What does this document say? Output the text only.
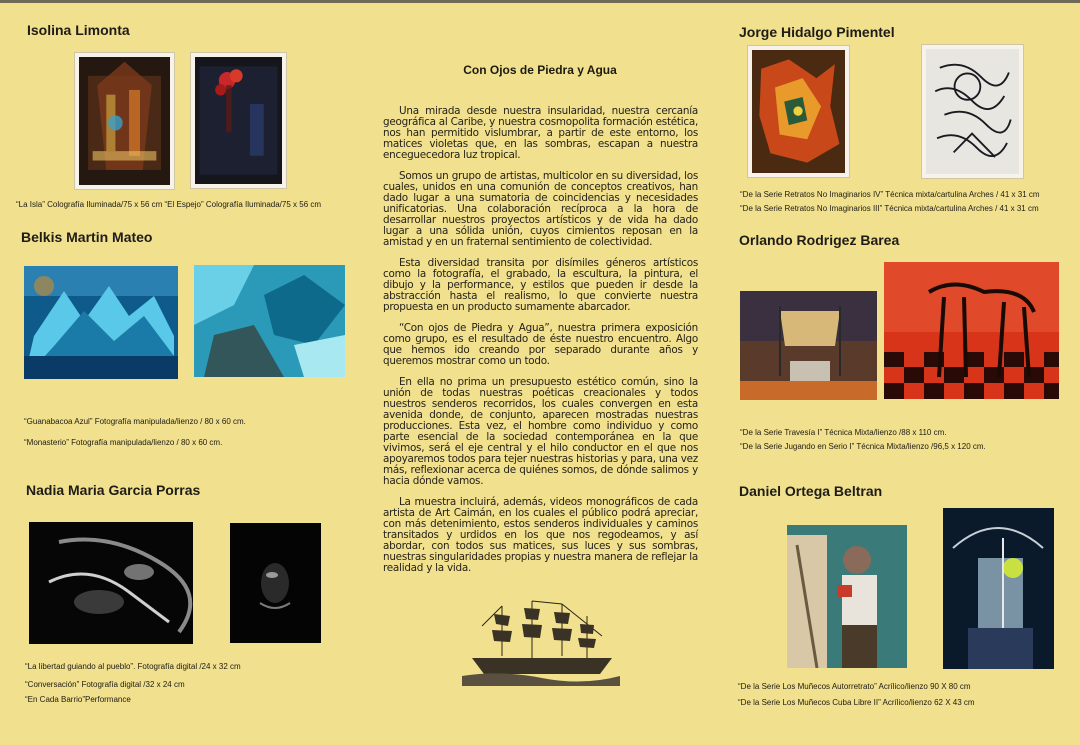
Isolina Limonta
“La Isla” Colografía Iluminada/75 x 56 cm “El Espejo” Colografía Iluminada/75 x 56 cm
Belkis Martin Mateo
“Guanabacoa Azul” Fotografía manipulada/lienzo / 80 x 60 cm.
“Monasterio” Fotografía manipulada/lienzo / 80 x 60 cm.
Nadia Maria Garcia Porras
“La libertad guiando al pueblo”. Fotografía digital /24 x 32 cm
“Conversación” Fotografía digital /32 x 24 cm
“En Cada Barrio”Performance
Con Ojos de Piedra y Agua

Una mirada desde nuestra insularidad, nuestra cercanía geográfica al Caribe, y nuestra cosmopolita formación estética, nos han permitido vislumbrar, a partir de este entorno, los matices violetas que, en las sombras, escapan a nuestra enceguecedora luz tropical.

Somos un grupo de artistas, multicolor en su diversidad, los cuales, unidos en una comunión de conceptos creativos, han dado lugar a una sumatoria de coincidencias y necesidades unificatorias. Una colaboración recíproca a la hora de desarrollar nuestros proyectos artísticos y de vida ha dado lugar a una sólida unión, cuyos cimientos reposan en la amistad y en un fraternal sentimiento de colectividad.

Esta diversidad transita por disímiles géneros artísticos como la fotografía, el grabado, la escultura, la pintura, el dibujo y la performance, y estilos que pueden ir desde la abstracción hasta el realismo, lo que convierte nuestra propuesta en un producto sumamente abarcador.

“Con ojos de Piedra y Agua”, nuestra primera exposición como grupo, es el resultado de éste nuestro encuentro. Algo que hemos ido creando por separado durante años y queremos mostrar como un todo.

En ella no prima un presupuesto estético común, sino la unión de todas nuestras poéticas creacionales y todos nuestros senderos recorridos, los cuales convergen en esta avenida donde, de conjunto, aparecen mostradas nuestras producciones. Esta vez, el hombre como individuo y como parte esencial de la sociedad contemporánea en la que vivimos, será el eje central y el hilo conductor en el que nos apoyaremos todos para tejer nuestras historias y para, una vez más, reflexionar acerca de quiénes somos, de dónde salimos y hacia dónde vamos.

La muestra incluirá, además, videos monográficos de cada artista de Art Caimán, en los cuales el público podrá apreciar, con más detenimiento, estos senderos individuales y caminos transitados y urdidos en los que nos regodeamos, y así abordar, con todos sus matices, sus luces y sus sombras, nuestras singularidades propias y nuestra manera de reflejar la realidad y la vida.

Jorge Hidalgo Pimentel
“De la Serie Retratos No Imaginarios IV” Técnica mixta/cartulina Arches / 41 x 31 cm
“De la Serie Retratos No Imaginarios III” Técnica mixta/cartulina Arches / 41 x 31 cm
Orlando Rodrigez Barea
“De la Serie Travesía I” Técnica Mixta/lienzo /88 x 110 cm.
“De la Serie Jugando en Serio I” Técnica Mixta/lienzo /96,5 x 120 cm.
Daniel Ortega Beltran
“De la Serie Los Muñecos Autorretrato” Acrílico/lienzo 90 X 80 cm
“De la Serie Los Muñecos Cuba Libre II” Acrílico/lienzo 62 X 43 cm
